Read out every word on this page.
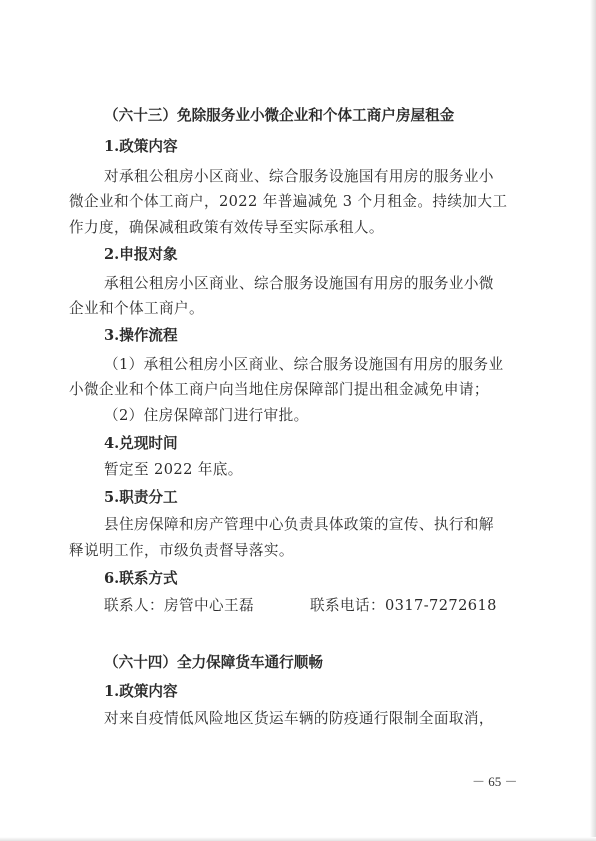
（六十三）免除服务业小微企业和个体工商户房屋租金
1.政策内容
对承租公租房小区商业、综合服务设施国有用房的服务业小
微企业和个体工商户，2022 年普遍减免 3 个月租金。持续加大工
作力度，确保减租政策有效传导至实际承租人。
2.申报对象
承租公租房小区商业、综合服务设施国有用房的服务业小微
企业和个体工商户。
3.操作流程
（1）承租公租房小区商业、综合服务设施国有用房的服务业
小微企业和个体工商户向当地住房保障部门提出租金减免申请；
（2）住房保障部门进行审批。
4.兑现时间
暂定至 2022 年底。
5.职责分工
县住房保障和房产管理中心负责具体政策的宣传、执行和解
释说明工作，市级负责督导落实。
6.联系方式
联系人：房管中心王磊	联系电话：0317-7272618
（六十四）全力保障货车通行顺畅
1.政策内容
对来自疫情低风险地区货运车辆的防疫通行限制全面取消，
－ 65 －
